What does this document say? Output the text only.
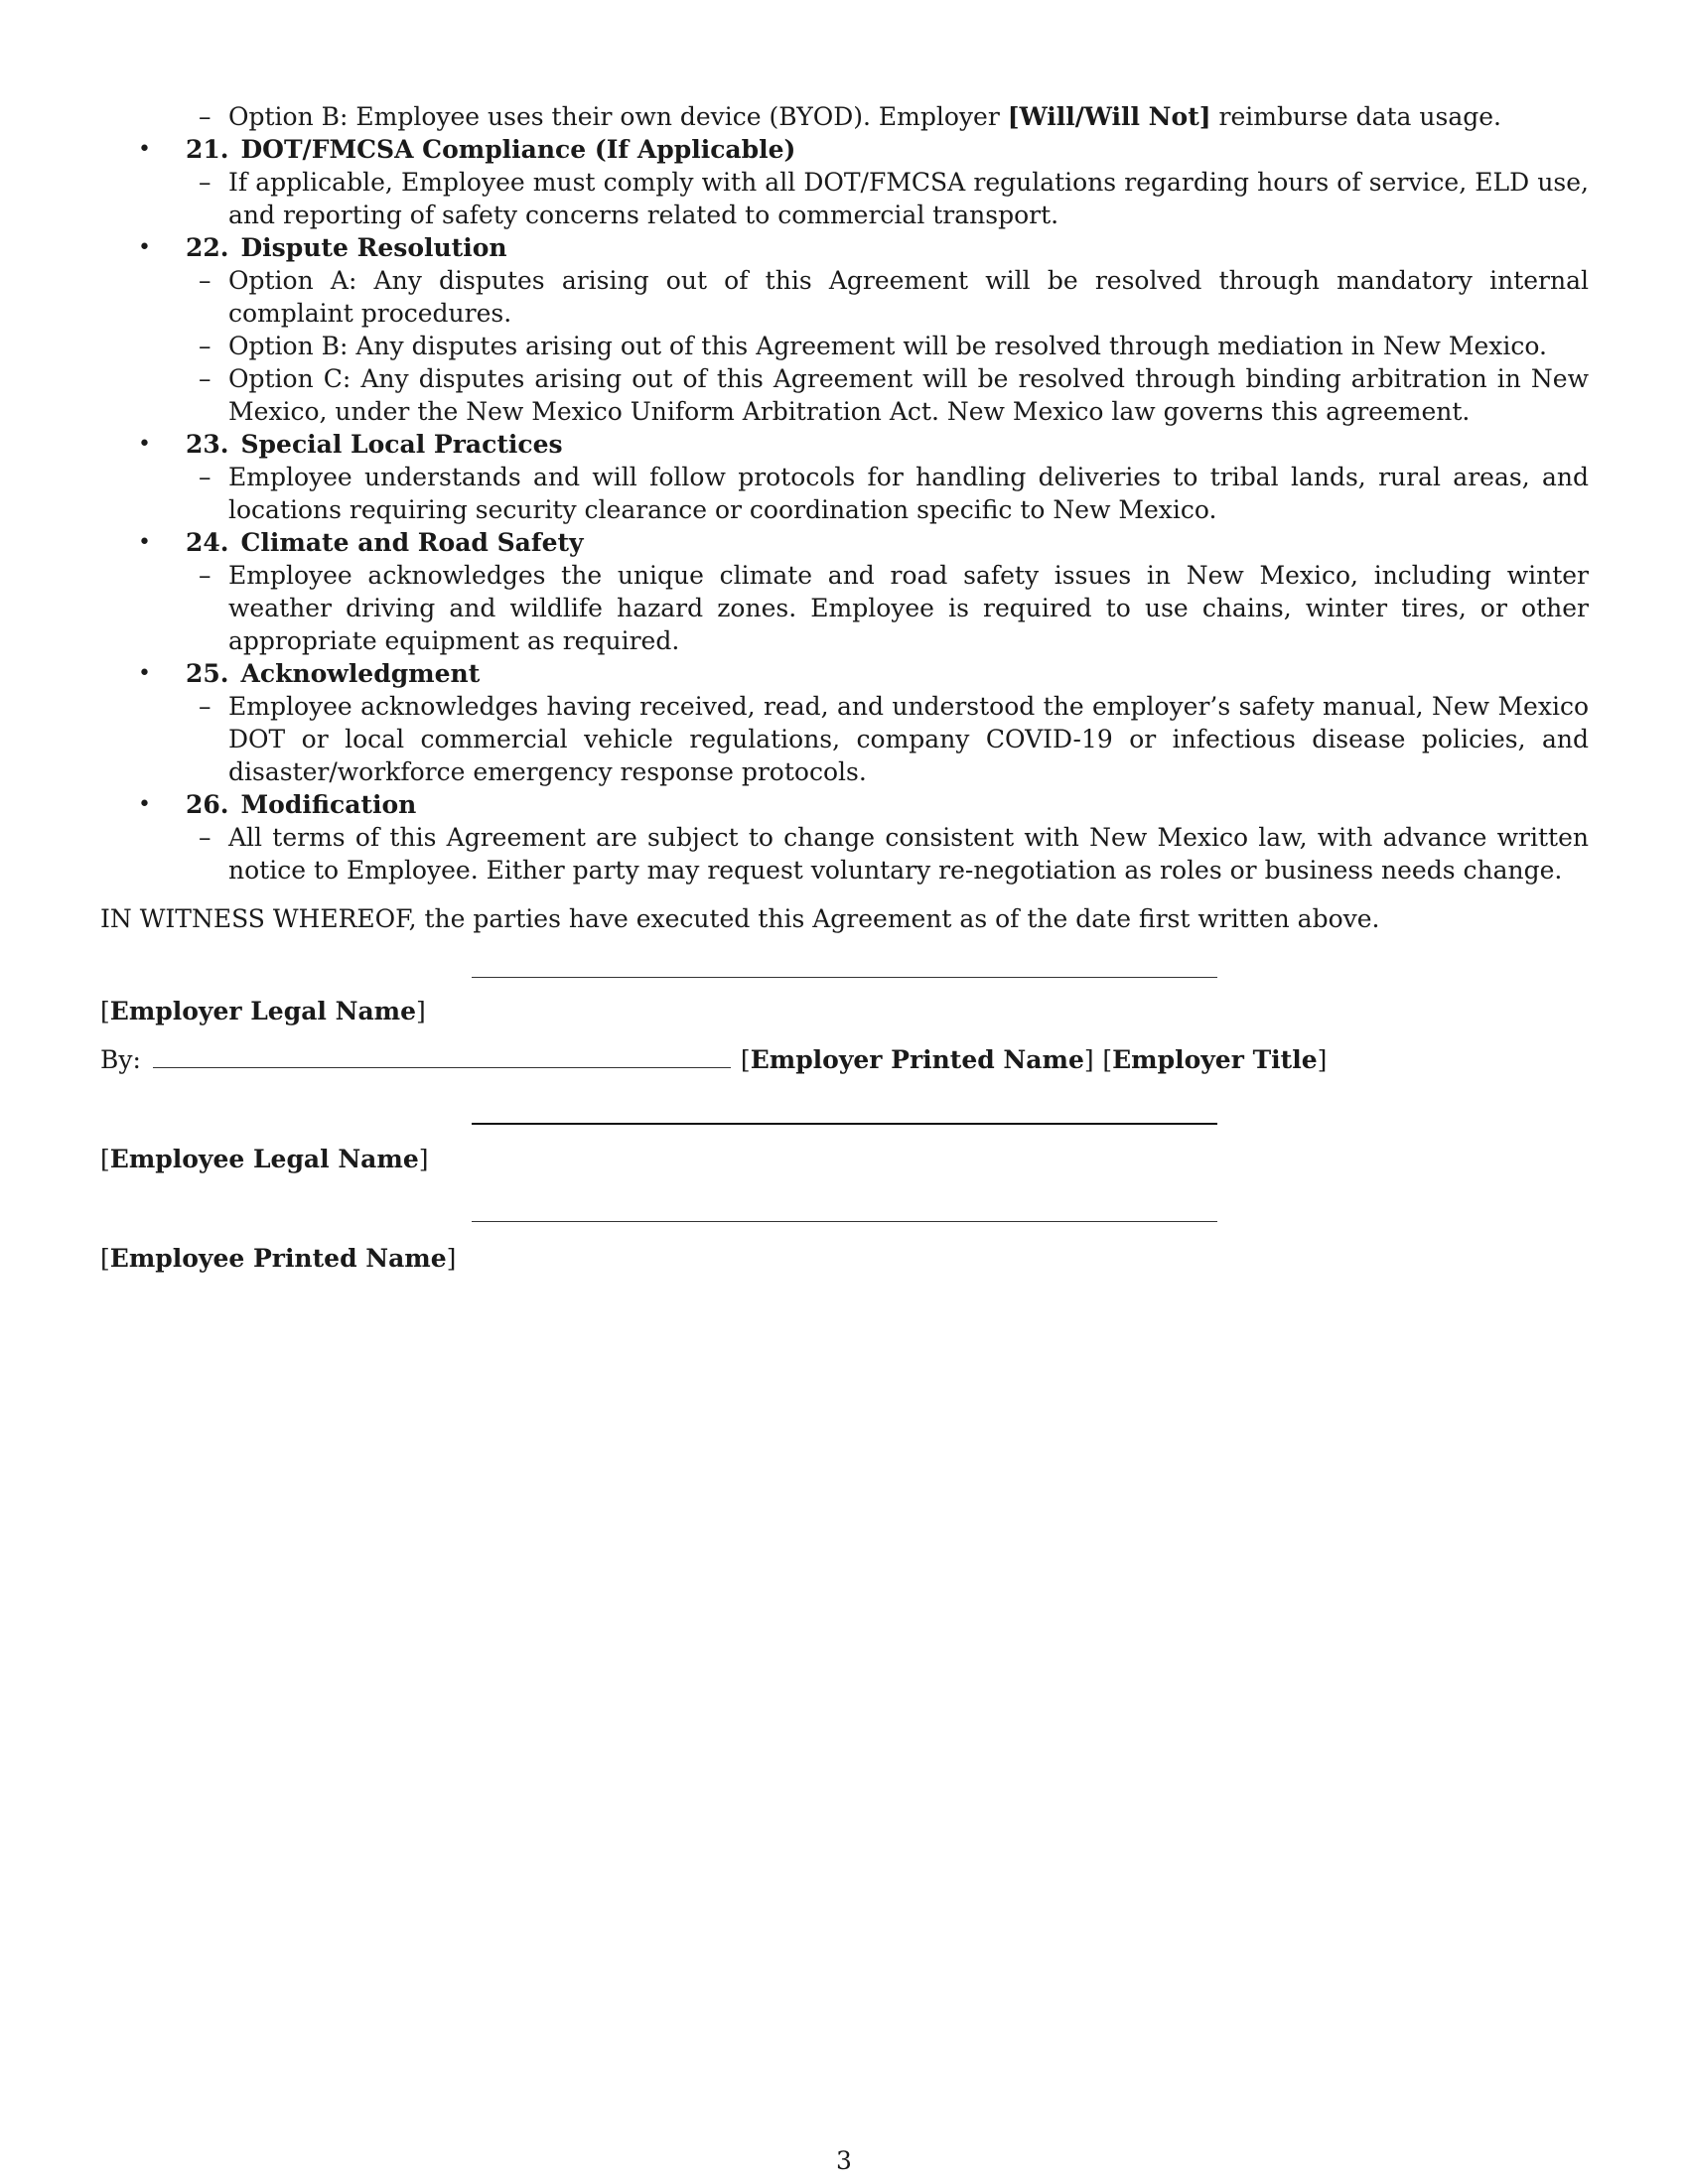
– Option B: Employee uses their own device (BYOD). Employer [Will/Will Not] reimburse data usage.
• 21. DOT/FMCSA Compliance (If Applicable)
– If applicable, Employee must comply with all DOT/FMCSA regulations regarding hours of service, ELD use, and reporting of safety concerns related to commercial transport.
• 22. Dispute Resolution
– Option A: Any disputes arising out of this Agreement will be resolved through mandatory internal complaint procedures.
– Option B: Any disputes arising out of this Agreement will be resolved through mediation in New Mexico.
– Option C: Any disputes arising out of this Agreement will be resolved through binding arbitration in New Mexico, under the New Mexico Uniform Arbitration Act. New Mexico law governs this agreement.
• 23. Special Local Practices
– Employee understands and will follow protocols for handling deliveries to tribal lands, rural areas, and locations requiring security clearance or coordination specific to New Mexico.
• 24. Climate and Road Safety
– Employee acknowledges the unique climate and road safety issues in New Mexico, including winter weather driving and wildlife hazard zones. Employee is required to use chains, winter tires, or other appropriate equipment as required.
• 25. Acknowledgment
– Employee acknowledges having received, read, and understood the employer’s safety manual, New Mexico DOT or local commercial vehicle regulations, company COVID-19 or infectious disease policies, and disaster/workforce emergency response protocols.
• 26. Modification
– All terms of this Agreement are subject to change consistent with New Mexico law, with advance written notice to Employee. Either party may request voluntary re-negotiation as roles or business needs change.
IN WITNESS WHEREOF, the parties have executed this Agreement as of the date first written above.
[Employer Legal Name]
By:	[Employer Printed Name] [Employer Title]
[Employee Legal Name]
[Employee Printed Name]
3
